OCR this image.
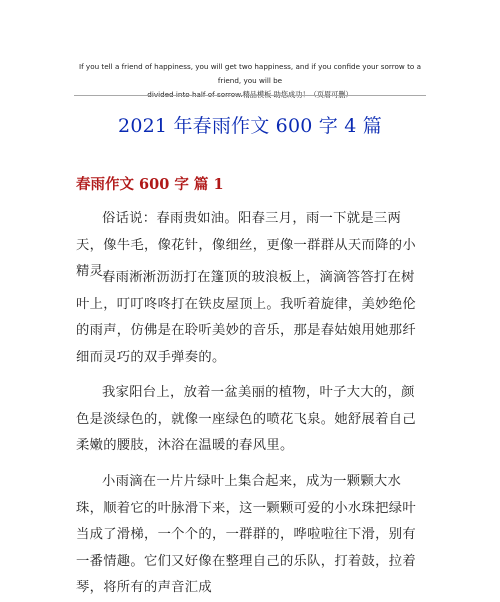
If you tell a friend of happiness, you will get two happiness, and if you confide your sorrow to a friend, you will be
divided into half of sorrow.精品模板 助您成功！（页眉可删）
2021 年春雨作文 600 字 4 篇
春雨作文 600 字 篇 1
俗话说：春雨贵如油。阳春三月，雨一下就是三两天，像牛毛，像花针，像细丝，更像一群群从天而降的小精灵。
春雨淅淅沥沥打在篷顶的玻浪板上，滴滴答答打在树叶上，叮叮咚咚打在铁皮屋顶上。我听着旋律，美妙绝伦的雨声，仿佛是在聆听美妙的音乐，那是春姑娘用她那纤细而灵巧的双手弹奏的。
我家阳台上，放着一盆美丽的植物，叶子大大的，颜色是淡绿色的，就像一座绿色的喷花飞泉。她舒展着自己柔嫩的腰肢，沐浴在温暖的春风里。
小雨滴在一片片绿叶上集合起来，成为一颗颗大水珠，顺着它的叶脉滑下来，这一颗颗可爱的小水珠把绿叶当成了滑梯，一个个的，一群群的，哗啦啦往下滑，别有一番情趣。它们又好像在整理自己的乐队，打着鼓，拉着琴，将所有的声音汇成
